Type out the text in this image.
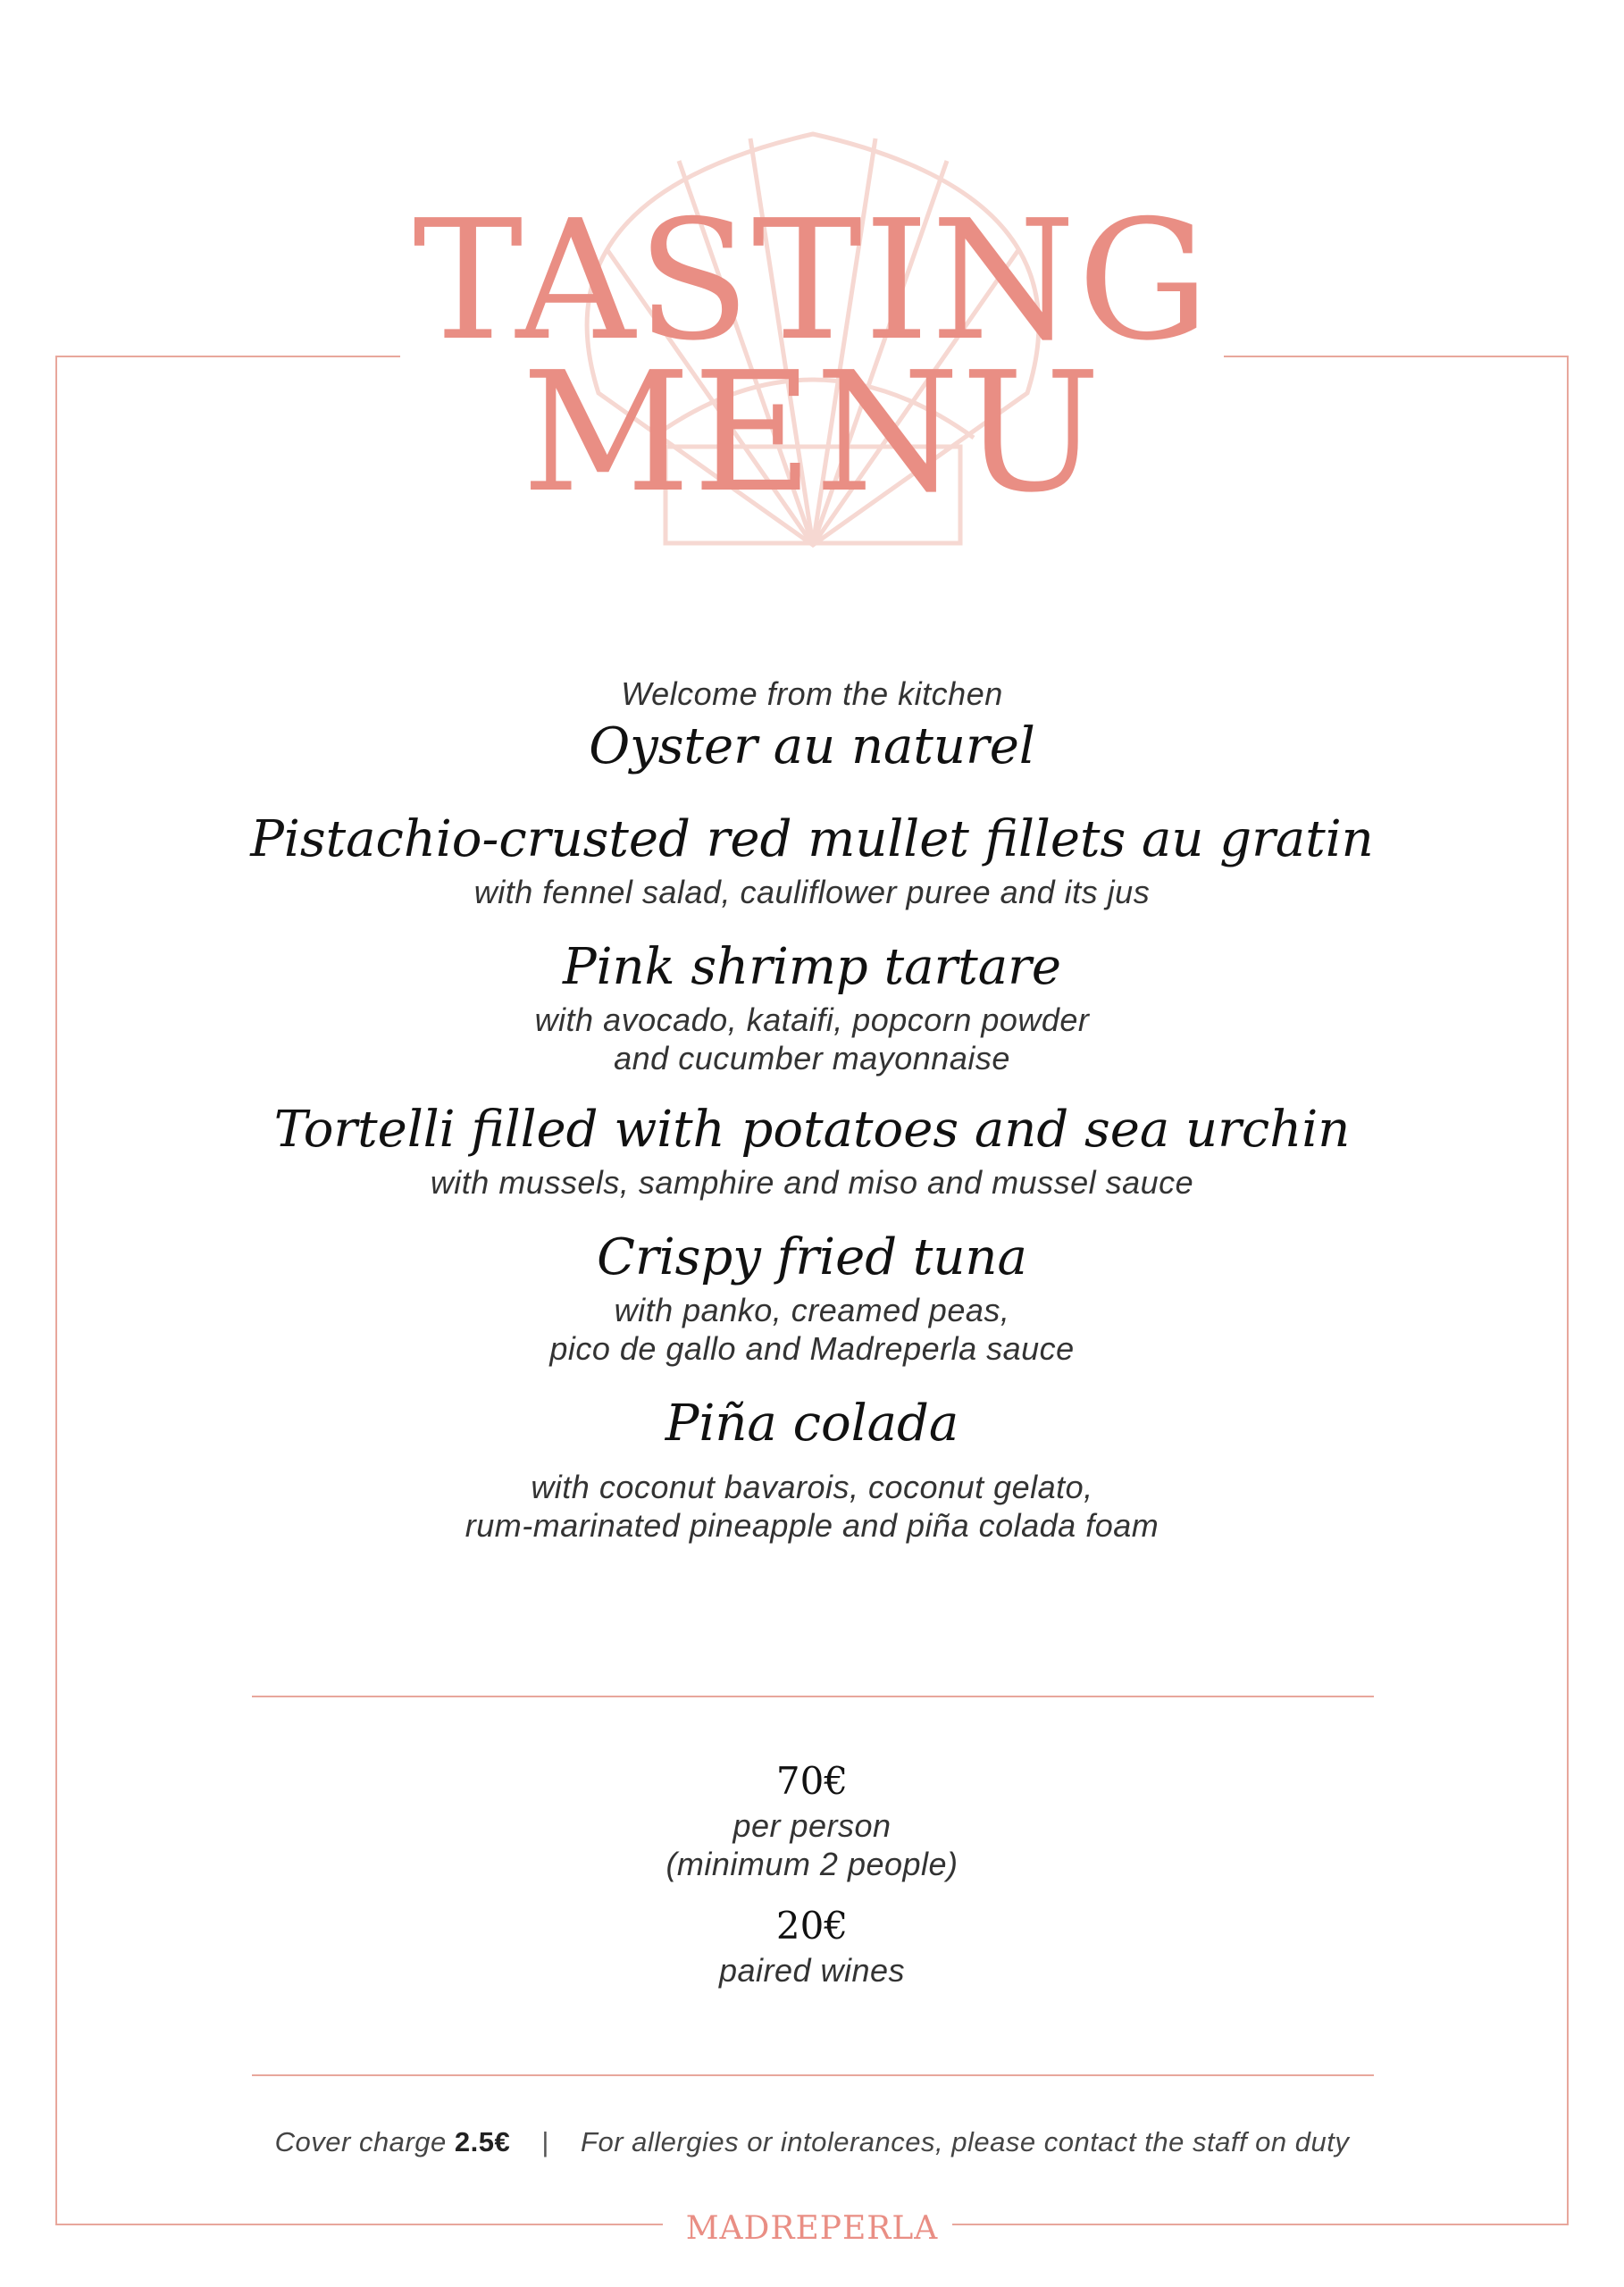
TASTING
MENU

Welcome from the kitchen

Oyster au naturel

Pistachio-crusted red mullet fillets au gratin

with fennel salad, cauliflower puree and its jus

Pink shrimp tartare

with avocado, kataifi, popcorn powder

and cucumber mayonnaise

Tortelli filled with potatoes and sea urchin

with mussels, samphire and miso and mussel sauce

Crispy fried tuna

with panko, creamed peas,

pico de gallo and Madreperla sauce

Piña colada

with coconut bavarois, coconut gelato,

rum-marinated pineapple and piña colada foam

70€

per person

(minimum 2 people)

20€

paired wines

Cover charge 2.5€ | For allergies or intolerances, please contact the staff on duty
MADREPERLA
